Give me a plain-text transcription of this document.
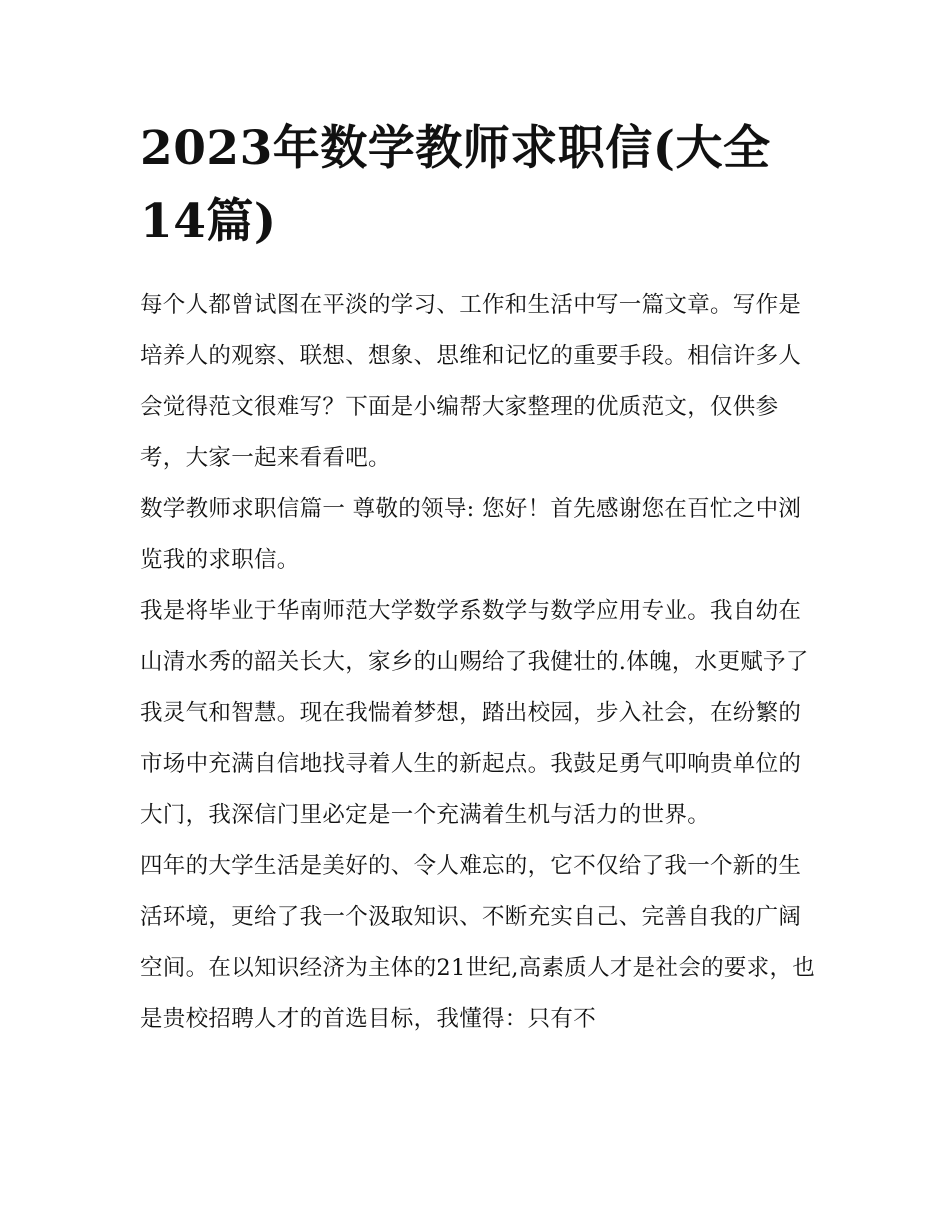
2023年数学教师求职信(大全14篇)

每个人都曾试图在平淡的学习、工作和生活中写一篇文章。写作是培养人的观察、联想、想象、思维和记忆的重要手段。相信许多人会觉得范文很难写？下面是小编帮大家整理的优质范文，仅供参考，大家一起来看看吧。

数学教师求职信篇一 尊敬的领导: 您好！首先感谢您在百忙之中浏览我的求职信。

我是将毕业于华南师范大学数学系数学与数学应用专业。我自幼在山清水秀的韶关长大，家乡的山赐给了我健壮的.体魄，水更赋予了我灵气和智慧。现在我惴着梦想，踏出校园，步入社会，在纷繁的市场中充满自信地找寻着人生的新起点。我鼓足勇气叩响贵单位的大门，我深信门里必定是一个充满着生机与活力的世界。

四年的大学生活是美好的、令人难忘的，它不仅给了我一个新的生活环境，更给了我一个汲取知识、不断充实自己、完善自我的广阔空间。在以知识经济为主体的21世纪,高素质人才是社会的要求，也是贵校招聘人才的首选目标，我懂得：只有不
